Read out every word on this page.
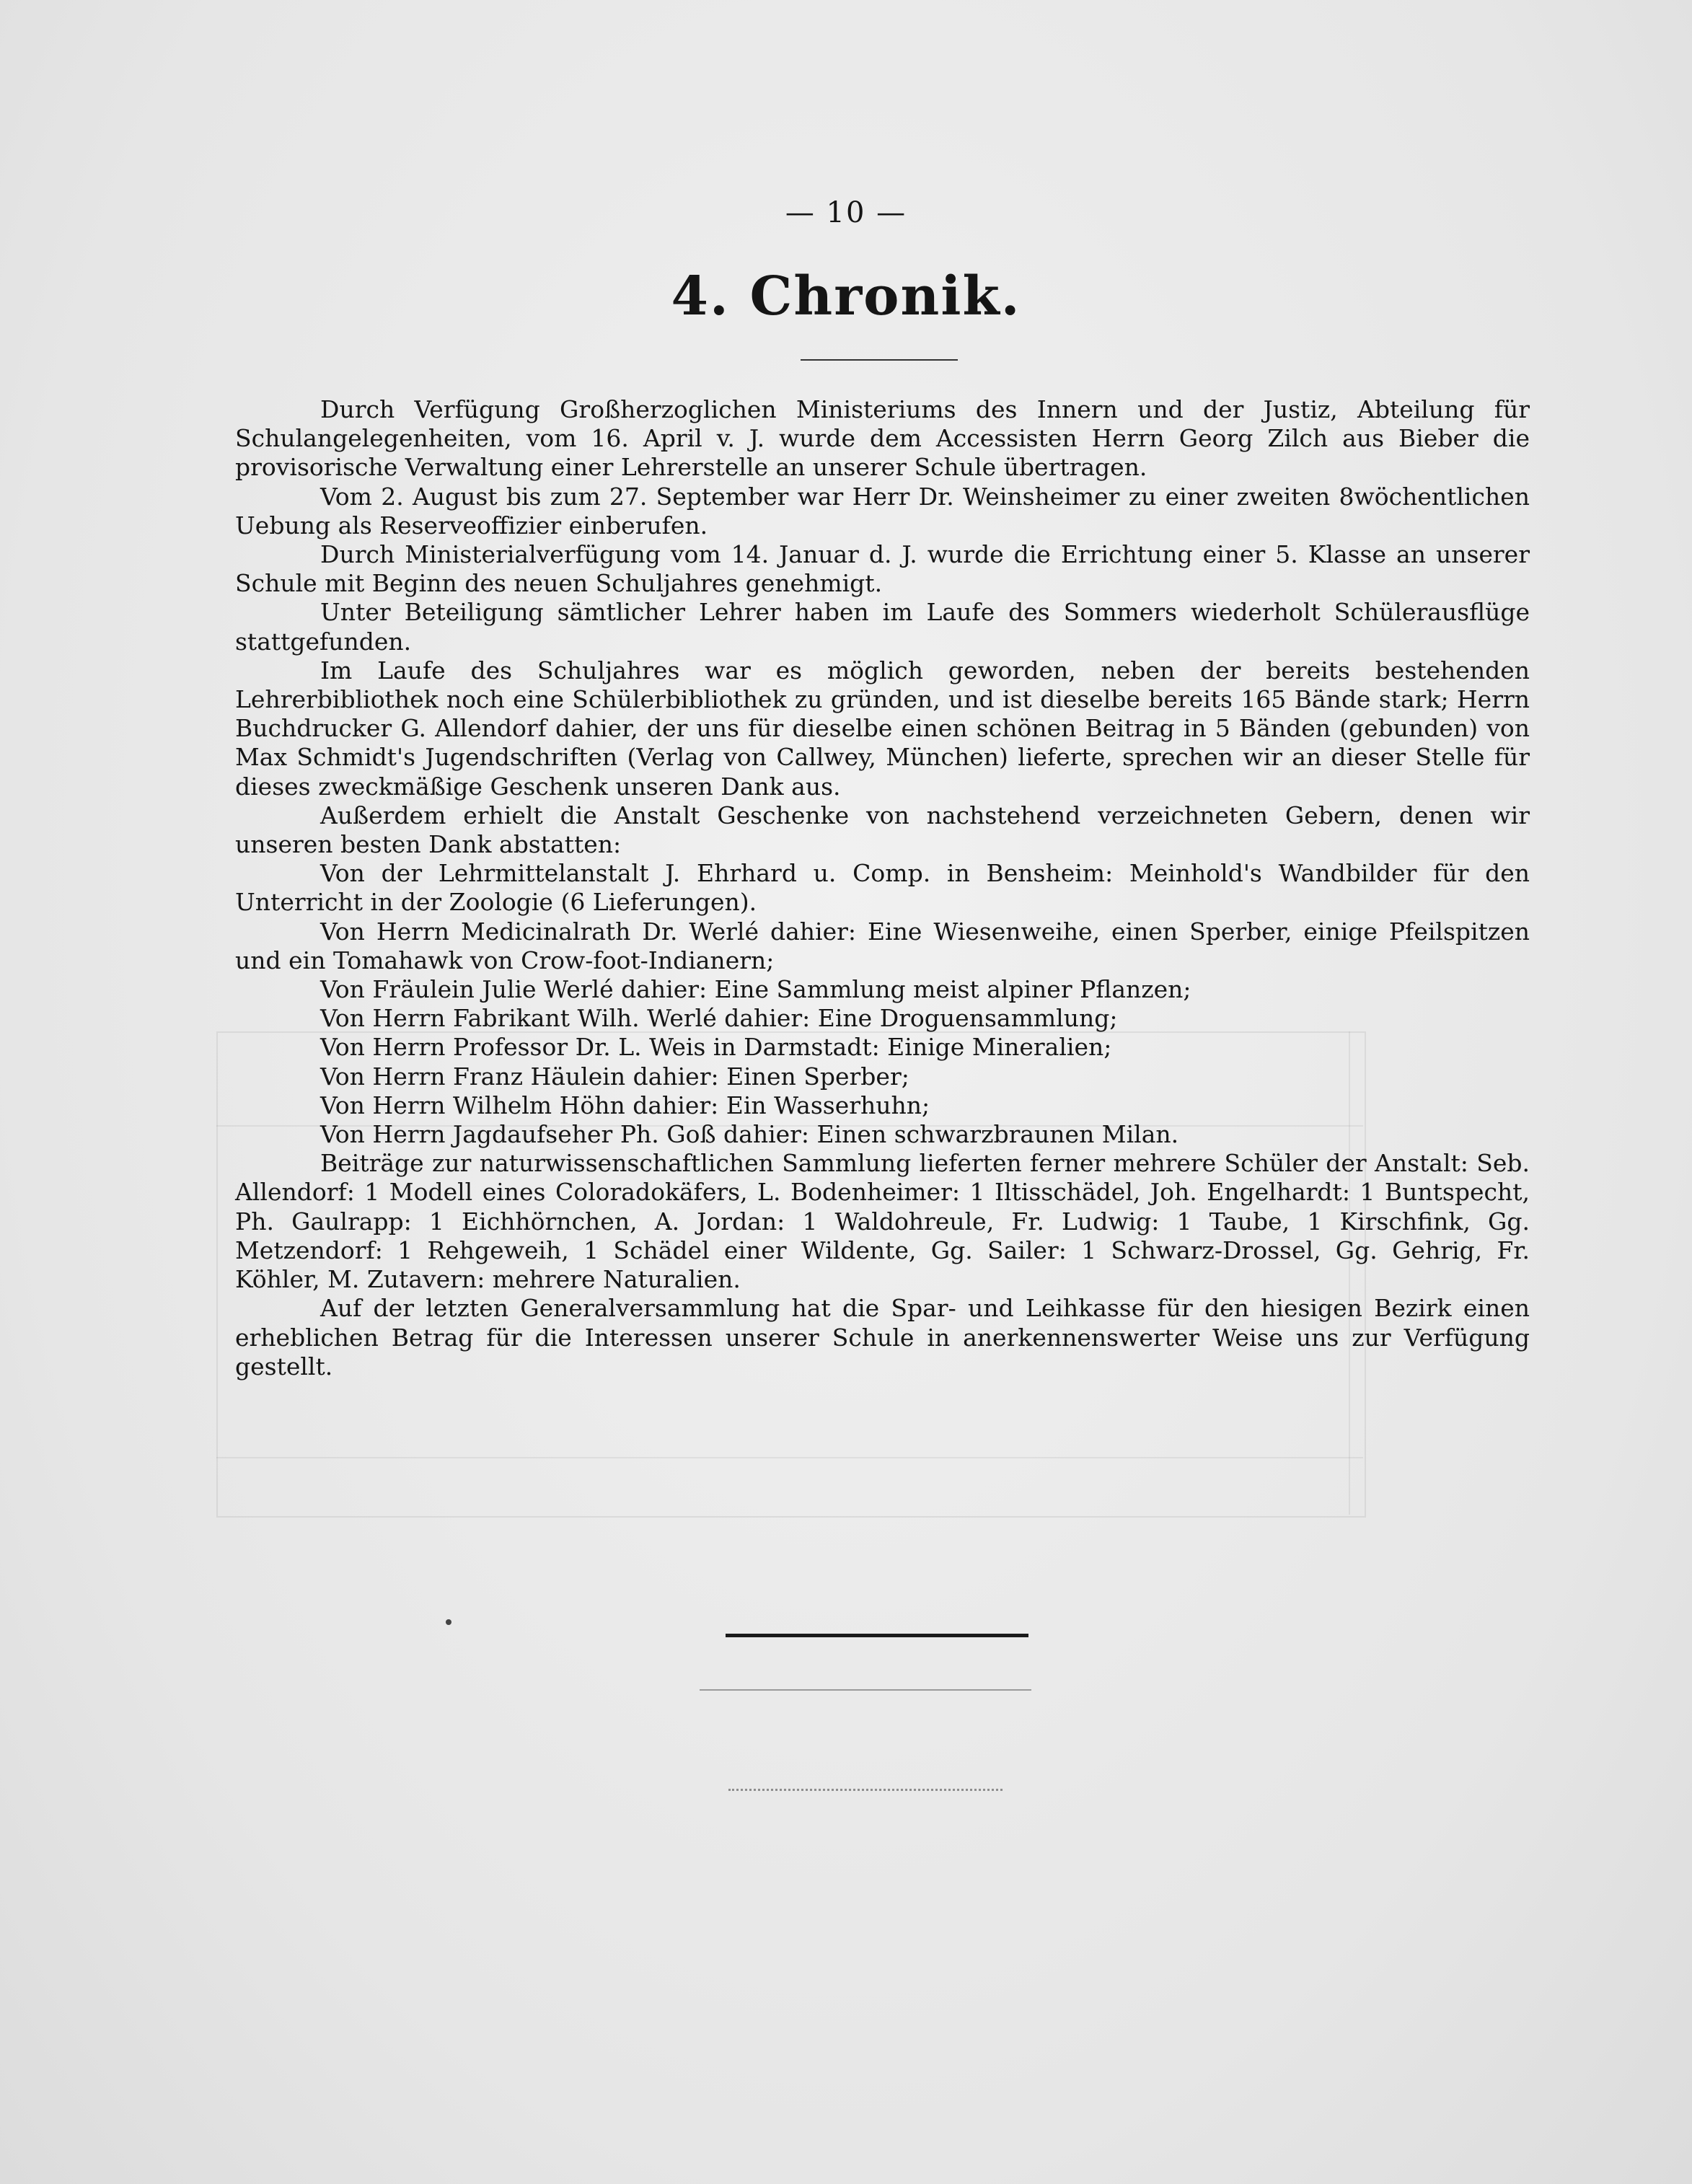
— 10 —
4. Chronik.

Durch Verfügung Großherzoglichen Ministeriums des Innern und der Justiz, Abteilung für Schulangelegenheiten, vom 16. April v. J. wurde dem Accessisten Herrn Georg Zilch aus Bieber die provisorische Verwaltung einer Lehrerstelle an unserer Schule übertragen.

Vom 2. August bis zum 27. September war Herr Dr. Weinsheimer zu einer zweiten 8wöchentlichen Uebung als Reserveoffizier einberufen.

Durch Ministerialverfügung vom 14. Januar d. J. wurde die Errichtung einer 5. Klasse an unserer Schule mit Beginn des neuen Schuljahres genehmigt.

Unter Beteiligung sämtlicher Lehrer haben im Laufe des Sommers wiederholt Schülerausflüge stattgefunden.

Im Laufe des Schuljahres war es möglich geworden, neben der bereits bestehenden Lehrerbibliothek noch eine Schülerbibliothek zu gründen, und ist dieselbe bereits 165 Bände stark; Herrn Buchdrucker G. Allendorf dahier, der uns für dieselbe einen schönen Beitrag in 5 Bänden (gebunden) von Max Schmidt's Jugendschriften (Verlag von Callwey, München) lieferte, sprechen wir an dieser Stelle für dieses zweckmäßige Geschenk unseren Dank aus.

Außerdem erhielt die Anstalt Geschenke von nachstehend verzeichneten Gebern, denen wir unseren besten Dank abstatten:

Von der Lehrmittelanstalt J. Ehrhard u. Comp. in Bensheim: Meinhold's Wandbilder für den Unterricht in der Zoologie (6 Lieferungen).

Von Herrn Medicinalrath Dr. Werlé dahier: Eine Wiesenweihe, einen Sperber, einige Pfeilspitzen und ein Tomahawk von Crow-foot-Indianern;

Von Fräulein Julie Werlé dahier: Eine Sammlung meist alpiner Pflanzen;

Von Herrn Fabrikant Wilh. Werlé dahier: Eine Droguensammlung;

Von Herrn Professor Dr. L. Weis in Darmstadt: Einige Mineralien;

Von Herrn Franz Häulein dahier: Einen Sperber;

Von Herrn Wilhelm Höhn dahier: Ein Wasserhuhn;

Von Herrn Jagdaufseher Ph. Goß dahier: Einen schwarzbraunen Milan.

Beiträge zur naturwissenschaftlichen Sammlung lieferten ferner mehrere Schüler der Anstalt: Seb. Allendorf: 1 Modell eines Coloradokäfers, L. Bodenheimer: 1 Iltisschädel, Joh. Engelhardt: 1 Buntspecht, Ph. Gaulrapp: 1 Eichhörnchen, A. Jordan: 1 Waldohreule, Fr. Ludwig: 1 Taube, 1 Kirschfink, Gg. Metzendorf: 1 Rehgeweih, 1 Schädel einer Wildente, Gg. Sailer: 1 Schwarz-Drossel, Gg. Gehrig, Fr. Köhler, M. Zutavern: mehrere Naturalien.

Auf der letzten Generalversammlung hat die Spar- und Leihkasse für den hiesigen Bezirk einen erheblichen Betrag für die Interessen unserer Schule in anerkennenswerter Weise uns zur Verfügung gestellt.
